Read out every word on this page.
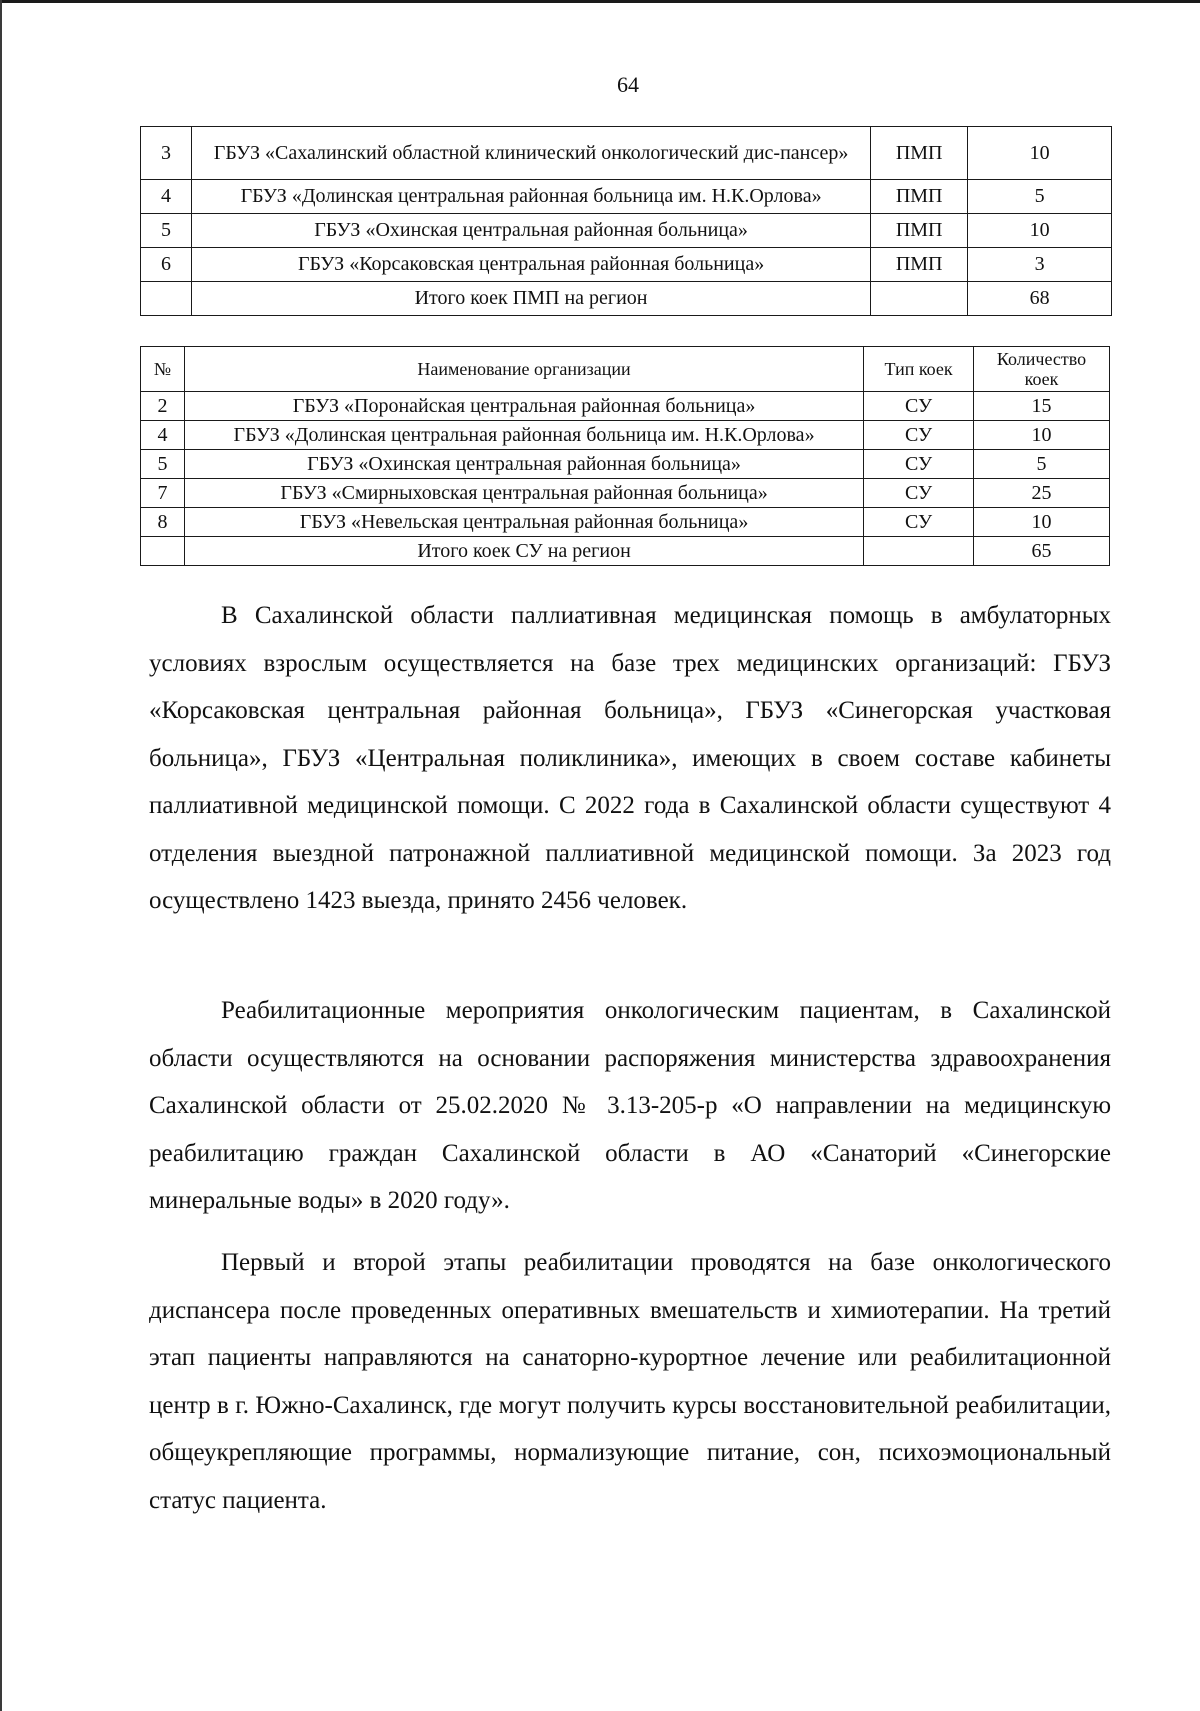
64
3	ГБУЗ «Сахалинский областной клинический онкологический дис-пансер»	ПМП	10
4	ГБУЗ «Долинская центральная районная больница им. Н.К.Орлова»	ПМП	5
5	ГБУЗ «Охинская центральная районная больница»	ПМП	10
6	ГБУЗ «Корсаковская центральная районная больница»	ПМП	3
	Итого коек ПМП на регион		68
№	Наименование организации	Тип коек	Количество коек
2	ГБУЗ «Поронайская центральная районная больница»	СУ	15
4	ГБУЗ «Долинская центральная районная больница им. Н.К.Орлова»	СУ	10
5	ГБУЗ «Охинская центральная районная больница»	СУ	5
7	ГБУЗ «Смирныховская центральная районная больница»	СУ	25
8	ГБУЗ «Невельская центральная районная больница»	СУ	10
	Итого коек СУ на регион		65

В Сахалинской области паллиативная медицинская помощь в амбулаторных условиях взрослым осуществляется на базе трех медицинских организаций: ГБУЗ «Корсаковская центральная районная больница», ГБУЗ «Синегорская участковая больница», ГБУЗ «Центральная поликлиника», имеющих в своем составе кабинеты паллиативной медицинской помощи. С 2022 года в Сахалинской области существуют 4 отделения выездной патронажной паллиативной медицинской помощи. За 2023 год осуществлено 1423 выезда, принято 2456 человек.

Реабилитационные мероприятия онкологическим пациентам, в Сахалинской области осуществляются на основании распоряжения министерства здравоохранения Сахалинской области от 25.02.2020 № 3.13-205-р «О направлении на медицинскую реабилитацию граждан Сахалинской области в АО «Санаторий «Синегорские минеральные воды» в 2020 году».

Первый и второй этапы реабилитации проводятся на базе онкологического диспансера после проведенных оперативных вмешательств и химиотерапии. На третий этап пациенты направляются на санаторно-курортное лечение или реабилитационной центр в г. Южно-Сахалинск, где могут получить курсы восстановительной реабилитации, общеукрепляющие программы, нормализующие питание, сон, психоэмоциональный статус пациента.
